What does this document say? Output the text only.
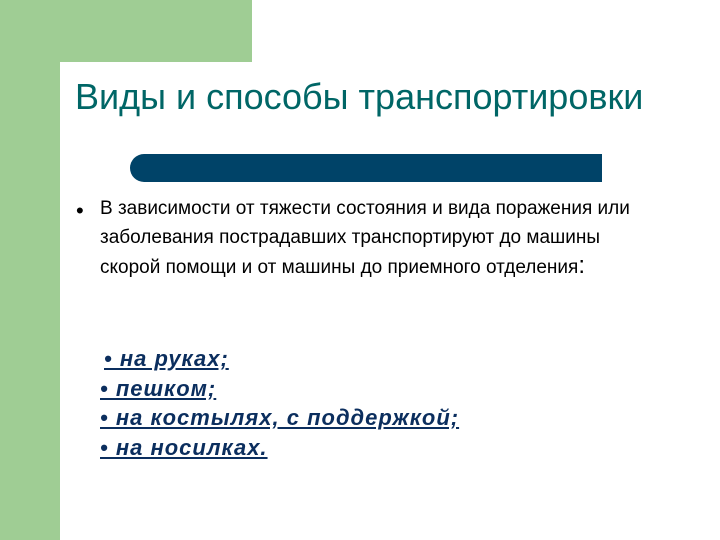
Виды и способы транспортировки
• В зависимости от тяжести состояния и вида поражения или заболевания пострадавших транспортируют до машины скорой помощи и от машины до приемного отделения:
• на руках;
• пешком;
• на костылях, с поддержкой;
• на носилках.
